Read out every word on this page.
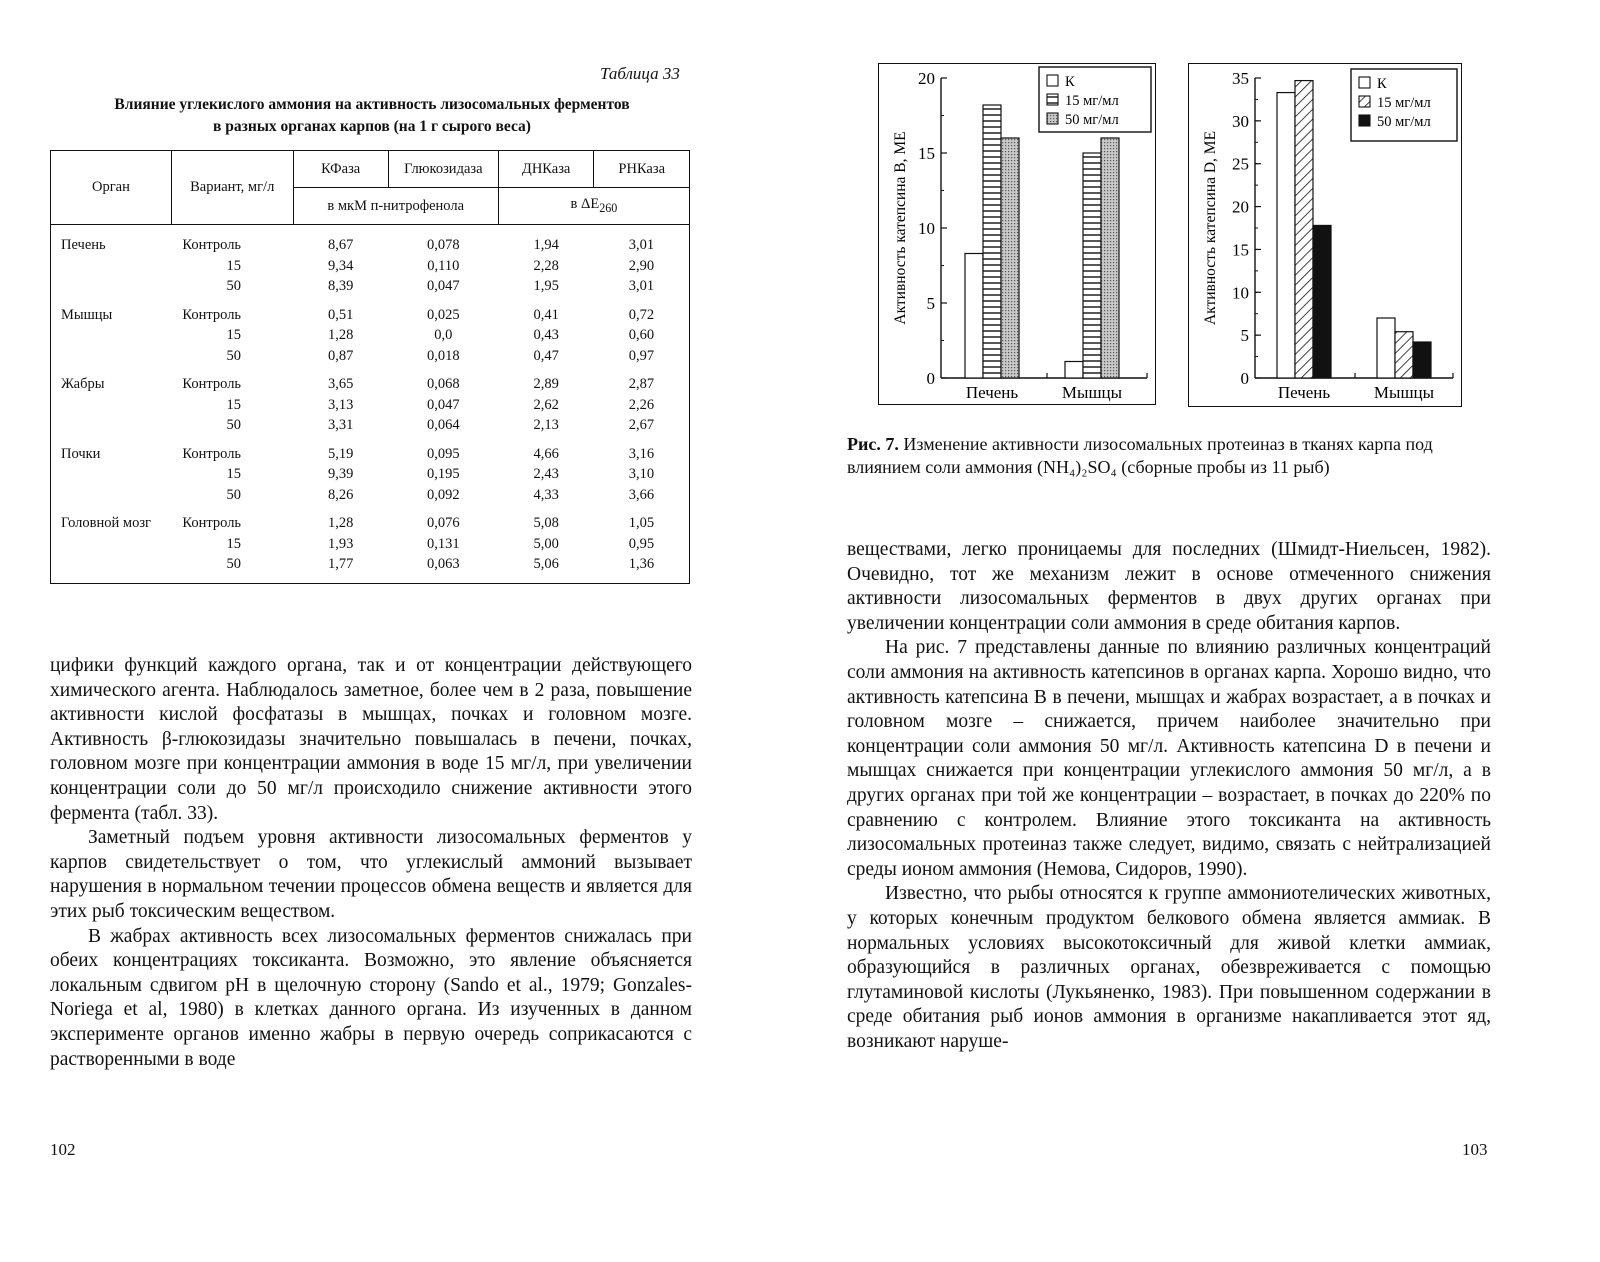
Таблица 33
Влияние углекислого аммония на активность лизосомальных ферментов
в разных органах карпов (на 1 г сырого веса)
Орган	Вариант, мг/л	КФаза	Глюкозидаза	ДНКаза	РНКаза
		в мкМ п-нитрофенола		в $\Delta E_{260}$
Печень	Контроль	8,67	0,078	1,94	3,01
	15	9,34	0,110	2,28	2,90
	50	8,39	0,047	1,95	3,01

Мышцы	Контроль	0,51	0,025	0,41	0,72
	15	1,28	0,0	0,43	0,60
	50	0,87	0,018	0,47	0,97

Жабры	Контроль	3,65	0,068	2,89	2,87
	15	3,13	0,047	2,62	2,26
	50	3,31	0,064	2,13	2,67

Почки	Контроль	5,19	0,095	4,66	3,16
	15	9,39	0,195	2,43	3,10
	50	8,26	0,092	4,33	3,66

Головной мозг	Контроль	1,28	0,076	5,08	1,05
	15	1,93	0,131	5,00	0,95
	50	1,77	0,063	5,06	1,36

цифики функций каждого органа, так и от концентрации действующего химического агента. Наблюдалось заметное, более чем в 2 раза, повышение активности кислой фосфатазы в мышцах, почках и головном мозге. Активность β-глюкозидазы значительно повышалась в печени, почках, головном мозге при концентрации аммония в воде 15 мг/л, при увеличении концентрации соли до 50 мг/л происходило снижение активности этого фермента (табл. 33).

Заметный подъем уровня активности лизосомальных ферментов у карпов свидетельствует о том, что углекислый аммоний вызывает нарушения в нормальном течении процессов обмена веществ и является для этих рыб токсическим веществом.

В жабрах активность всех лизосомальных ферментов снижалась при обеих концентрациях токсиканта. Возможно, это явление объясняется локальным сдвигом pH в щелочную сторону (Sando et al., 1979; Gonzales-Noriega et al, 1980) в клетках данного органа. Из изученных в данном эксперименте органов именно жабры в первую очередь соприкасаются с растворенными в воде

102
0
5
10
15
20
Активность катепсина B, МЕ
Печень	Мышцы
К
15 мг/мл
50 мг/мл
0
5
10
15
20
25
30
35
Активность катепсина D, МЕ
Печень	Мышцы
К
15 мг/мл
50 мг/мл
Рис. 7. Изменение активности лизосомальных протеиназ в тканях карпа под влиянием соли аммония (NH₄)₂SO₄ (сборные пробы из 11 рыб)

веществами, легко проницаемы для последних (Шмидт-Ниельсен, 1982). Очевидно, тот же механизм лежит в основе отмеченного снижения активности лизосомальных ферментов в двух других органах при увеличении концентрации соли аммония в среде обитания карпов.

На рис. 7 представлены данные по влиянию различных концентраций соли аммония на активность катепсинов в органах карпа. Хорошо видно, что активность катепсина B в печени, мышцах и жабрах возрастает, а в почках и головном мозге – снижается, причем наиболее значительно при концентрации соли аммония 50 мг/л. Активность катепсина D в печени и мышцах снижается при концентрации углекислого аммония 50 мг/л, а в других органах при той же концентрации – возрастает, в почках до 220% по сравнению с контролем. Влияние этого токсиканта на активность лизосомальных протеиназ также следует, видимо, связать с нейтрализацией среды ионом аммония (Немова, Сидоров, 1990).

Известно, что рыбы относятся к группе аммониотелических животных, у которых конечным продуктом белкового обмена является аммиак. В нормальных условиях высокотоксичный для живой клетки аммиак, образующийся в различных органах, обезвреживается с помощью глутаминовой кислоты (Лукьяненко, 1983). При повышенном содержании в среде обитания рыб ионов аммония в организме накапливается этот яд, возникают наруше-

103
